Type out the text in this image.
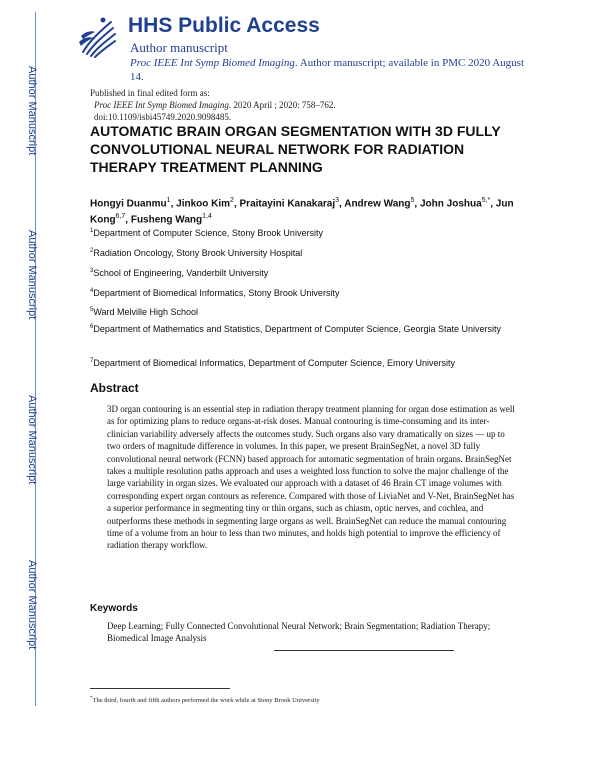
Author Manuscript
Author Manuscript
Author Manuscript
Author Manuscript
HHS Public Access
Author manuscript
Proc IEEE Int Symp Biomed Imaging. Author manuscript; available in PMC 2020 August 14.
Published in final edited form as:
Proc IEEE Int Symp Biomed Imaging. 2020 April ; 2020: 758–762. doi:10.1109/isbi45749.2020.9098485.
AUTOMATIC BRAIN ORGAN SEGMENTATION WITH 3D FULLY CONVOLUTIONAL NEURAL NETWORK FOR RADIATION THERAPY TREATMENT PLANNING
Hongyi Duanmu$^1$, Jinkoo Kim$^2$, Praitayini Kanakaraj$^3$, Andrew Wang$^5$, John Joshua$^{5,*}$, Jun Kong$^{6,7}$, Fusheng Wang$^{1,4}$
$^1$Department of Computer Science, Stony Brook University
$^2$Radiation Oncology, Stony Brook University Hospital
$^3$School of Engineering, Vanderbilt University
$^4$Department of Biomedical Informatics, Stony Brook University
$^5$Ward Melville High School
$^6$Department of Mathematics and Statistics, Department of Computer Science, Georgia State University
$^7$Department of Biomedical Informatics, Department of Computer Science, Emory University
Abstract
3D organ contouring is an essential step in radiation therapy treatment planning for organ dose estimation as well as for optimizing plans to reduce organs-at-risk doses. Manual contouring is time-consuming and its inter-clinician variability adversely affects the outcomes study. Such organs also vary dramatically on sizes — up to two orders of magnitude difference in volumes. In this paper, we present BrainSegNet, a novel 3D fully convolutional neural network (FCNN) based approach for automatic segmentation of brain organs. BrainSegNet takes a multiple resolution paths approach and uses a weighted loss function to solve the major challenge of the large variability in organ sizes. We evaluated our approach with a dataset of 46 Brain CT image volumes with corresponding expert organ contours as reference. Compared with those of LiviaNet and V-Net, BrainSegNet has a superior performance in segmenting tiny or thin organs, such as chiasm, optic nerves, and cochlea, and outperforms these methods in segmenting large organs as well. BrainSegNet can reduce the manual contouring time of a volume from an hour to less than two minutes, and holds high potential to improve the efficiency of radiation therapy workflow.
Keywords
Deep Learning; Fully Connected Convolutional Neural Network; Brain Segmentation; Radiation Therapy; Biomedical Image Analysis
*The third, fourth and fifth authors performed the work while at Stony Brook University
